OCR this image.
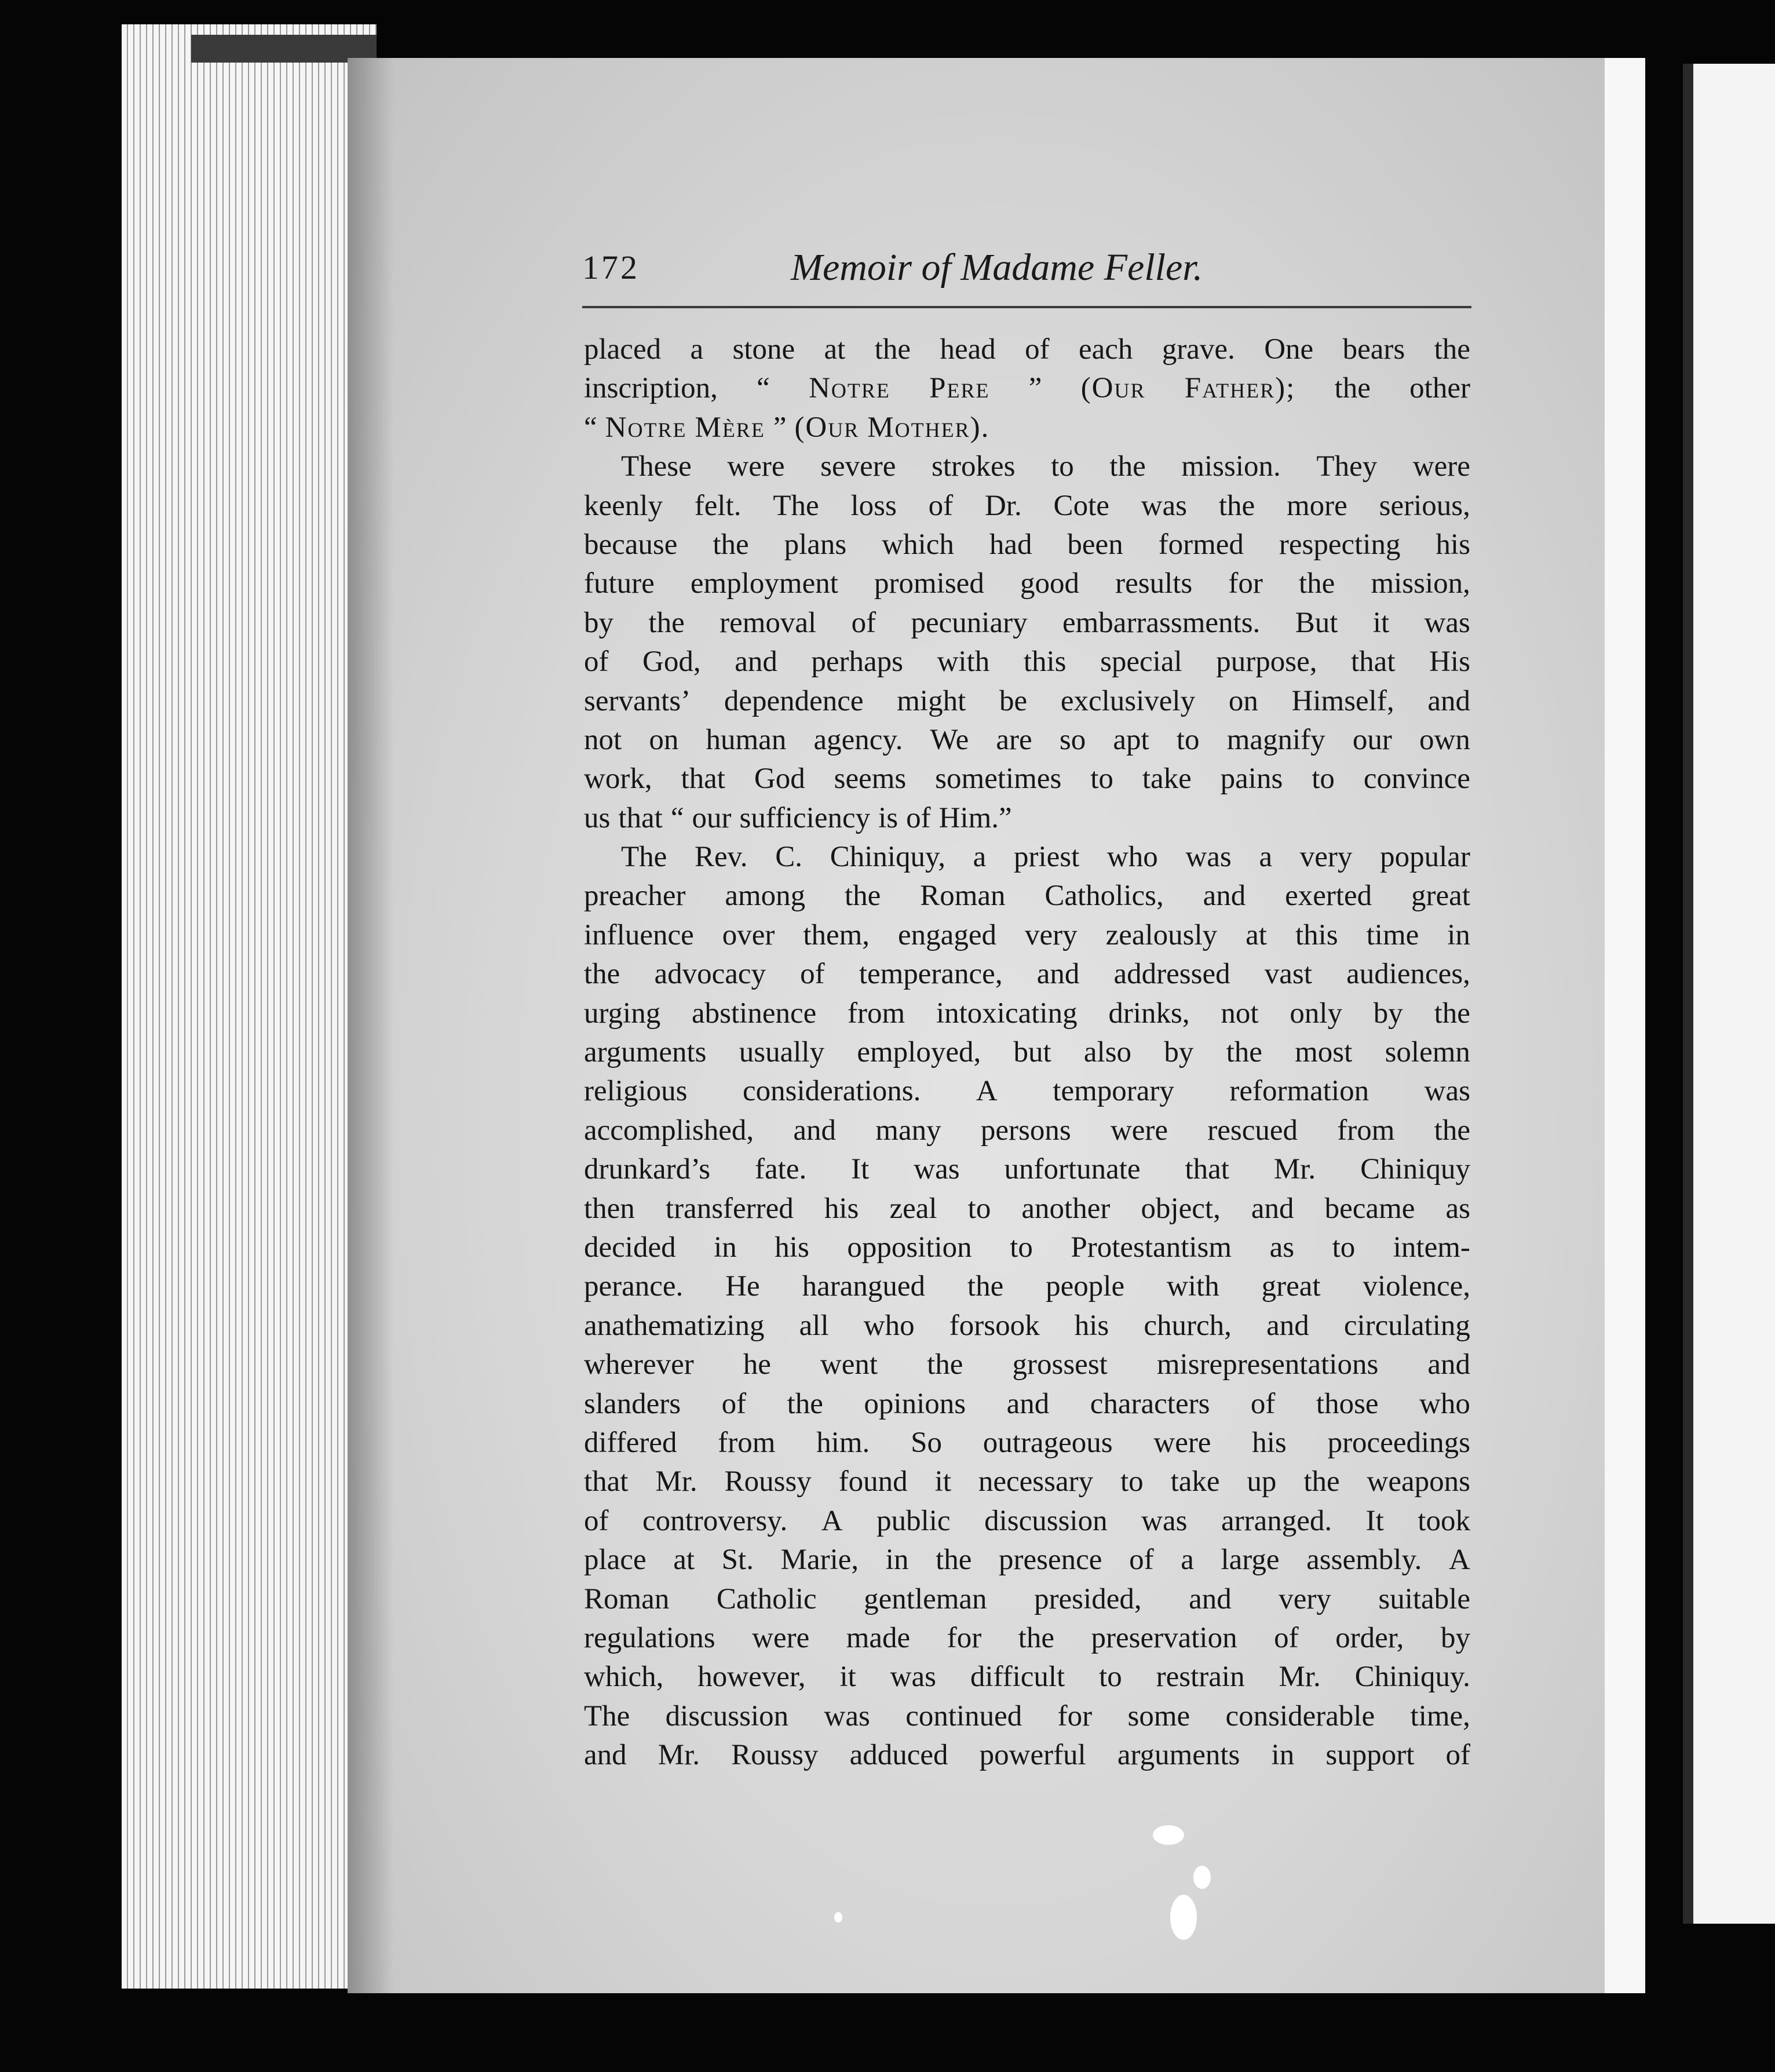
172	Memoir of Madame Feller.
placed a stone at the head of each grave. One bears the
inscription, “ Notre Pere ” (Our Father); the other
“ Notre Mère ” (Our Mother).
These were severe strokes to the mission. They were
keenly felt. The loss of Dr. Cote was the more serious,
because the plans which had been formed respecting his
future employment promised good results for the mission,
by the removal of pecuniary embarrassments. But it was
of God, and perhaps with this special purpose, that His
servants’ dependence might be exclusively on Himself, and
not on human agency. We are so apt to magnify our own
work, that God seems sometimes to take pains to convince
us that “ our sufficiency is of Him.”
The Rev. C. Chiniquy, a priest who was a very popular
preacher among the Roman Catholics, and exerted great
influence over them, engaged very zealously at this time in
the advocacy of temperance, and addressed vast audiences,
urging abstinence from intoxicating drinks, not only by the
arguments usually employed, but also by the most solemn
religious considerations. A temporary reformation was
accomplished, and many persons were rescued from the
drunkard’s fate. It was unfortunate that Mr. Chiniquy
then transferred his zeal to another object, and became as
decided in his opposition to Protestantism as to intem-
perance. He harangued the people with great violence,
anathematizing all who forsook his church, and circulating
wherever he went the grossest misrepresentations and
slanders of the opinions and characters of those who
differed from him. So outrageous were his proceedings
that Mr. Roussy found it necessary to take up the weapons
of controversy. A public discussion was arranged. It took
place at St. Marie, in the presence of a large assembly. A
Roman Catholic gentleman presided, and very suitable
regulations were made for the preservation of order, by
which, however, it was difficult to restrain Mr. Chiniquy.
The discussion was continued for some considerable time,
and Mr. Roussy adduced powerful arguments in support of
